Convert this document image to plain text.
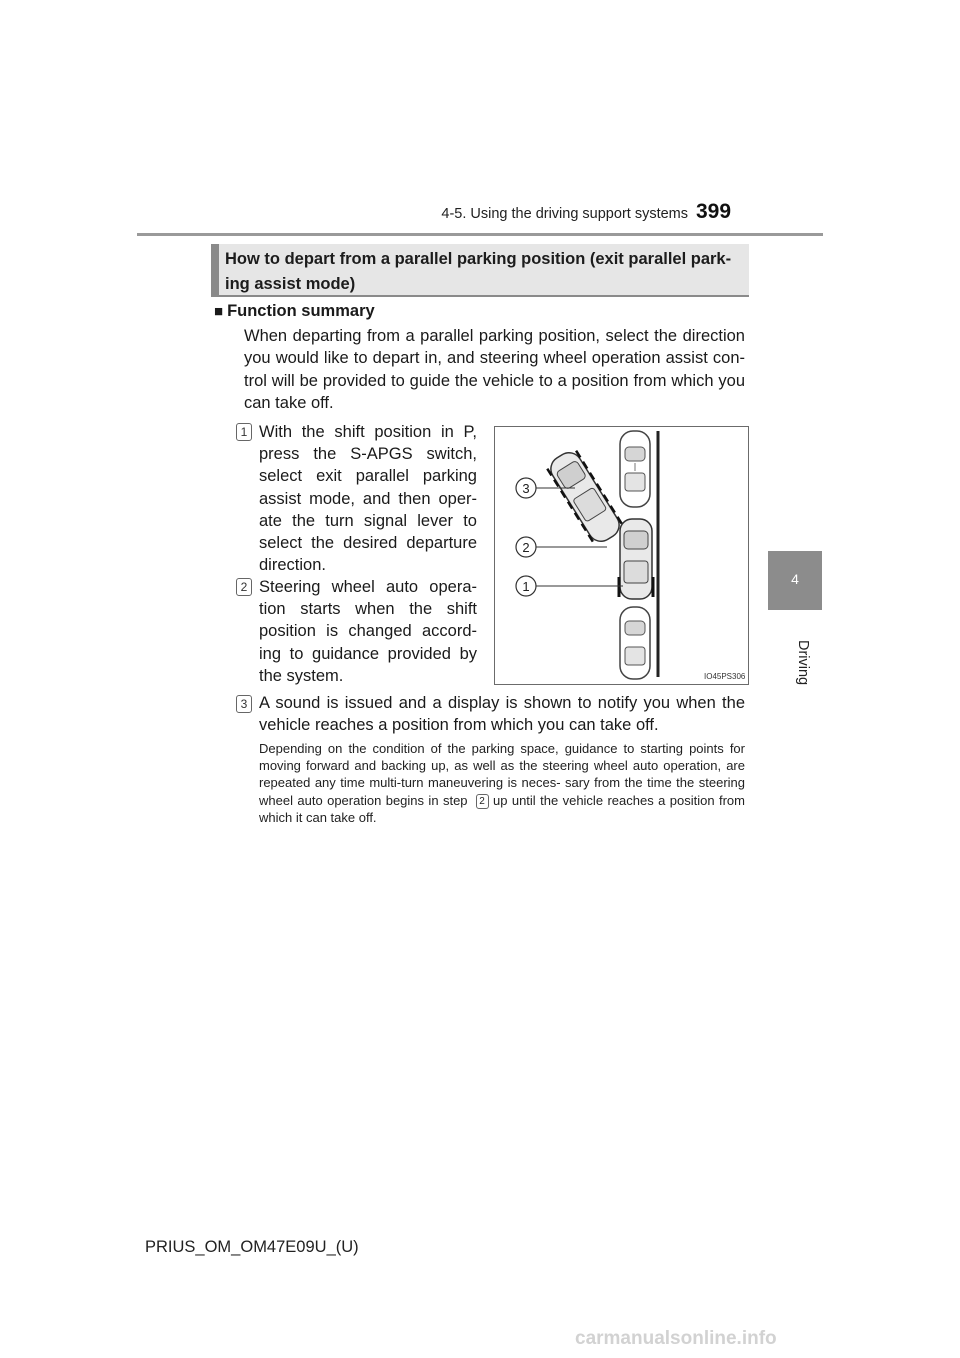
4-5. Using the driving support systems 399
4
Driving
How to depart from a parallel parking position (exit parallel park-
ing assist mode)
■ Function summary
When departing from a parallel parking position, select the direction you would like to depart in, and steering wheel operation assist con- trol will be provided to guide the vehicle to a position from which you can take off.
1 With the shift position in P, press the S-APGS switch, select exit parallel parking assist mode, and then oper- ate the turn signal lever to select the desired departure direction.
2 Steering wheel auto opera- tion starts when the shift position is changed accord- ing to guidance provided by the system.
3 A sound is issued and a display is shown to notify you when the vehicle reaches a position from which you can take off.
3
2
1
IO45PS306
Depending on the condition of the parking space, guidance to starting points for moving forward and backing up, as well as the steering wheel auto operation, are repeated any time multi-turn maneuvering is neces- sary from the time the steering wheel auto operation begins in step 2 up until the vehicle reaches a position from which it can take off.
PRIUS_OM_OM47E09U_(U)
carmanualsonline.info
